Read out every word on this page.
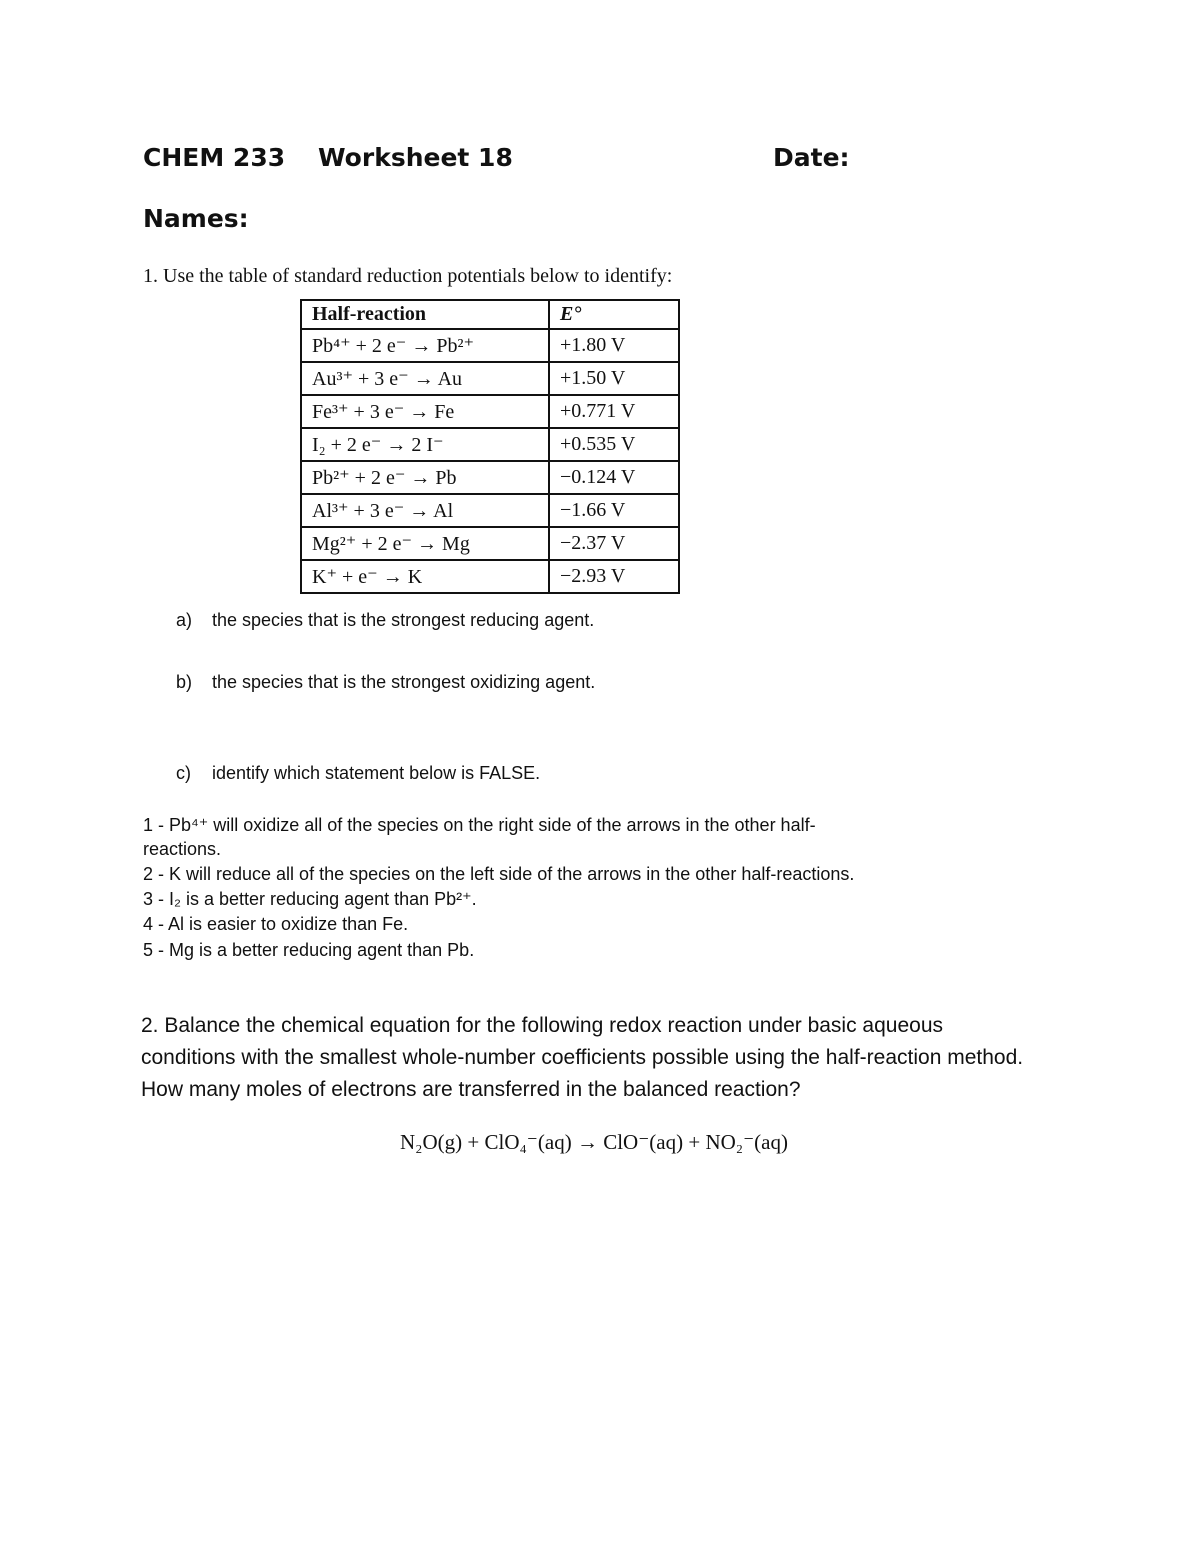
CHEM 233 Worksheet 18	Date:
Names:
1. Use the table of standard reduction potentials below to identify:
Half-reaction	E°
Pb⁴⁺ + 2 e⁻ → Pb²⁺	+1.80 V
Au³⁺ + 3 e⁻ → Au	+1.50 V
Fe³⁺ + 3 e⁻ → Fe	+0.771 V
I₂ + 2 e⁻ → 2 I⁻	+0.535 V
Pb²⁺ + 2 e⁻ → Pb	−0.124 V
Al³⁺ + 3 e⁻ → Al	−1.66 V
Mg²⁺ + 2 e⁻ → Mg	−2.37 V
K⁺ + e⁻ → K	−2.93 V
a) the species that is the strongest reducing agent.
b) the species that is the strongest oxidizing agent.
c) identify which statement below is FALSE.
1 - Pb⁴⁺ will oxidize all of the species on the right side of the arrows in the other half-
reactions.
2 - K will reduce all of the species on the left side of the arrows in the other half-reactions.
3 - I₂ is a better reducing agent than Pb²⁺.
4 - Al is easier to oxidize than Fe.
5 - Mg is a better reducing agent than Pb.
2. Balance the chemical equation for the following redox reaction under basic aqueous
conditions with the smallest whole-number coefficients possible using the half-reaction method.
How many moles of electrons are transferred in the balanced reaction?
N₂O(g) + ClO₄⁻(aq) → ClO⁻(aq) + NO₂⁻(aq)
